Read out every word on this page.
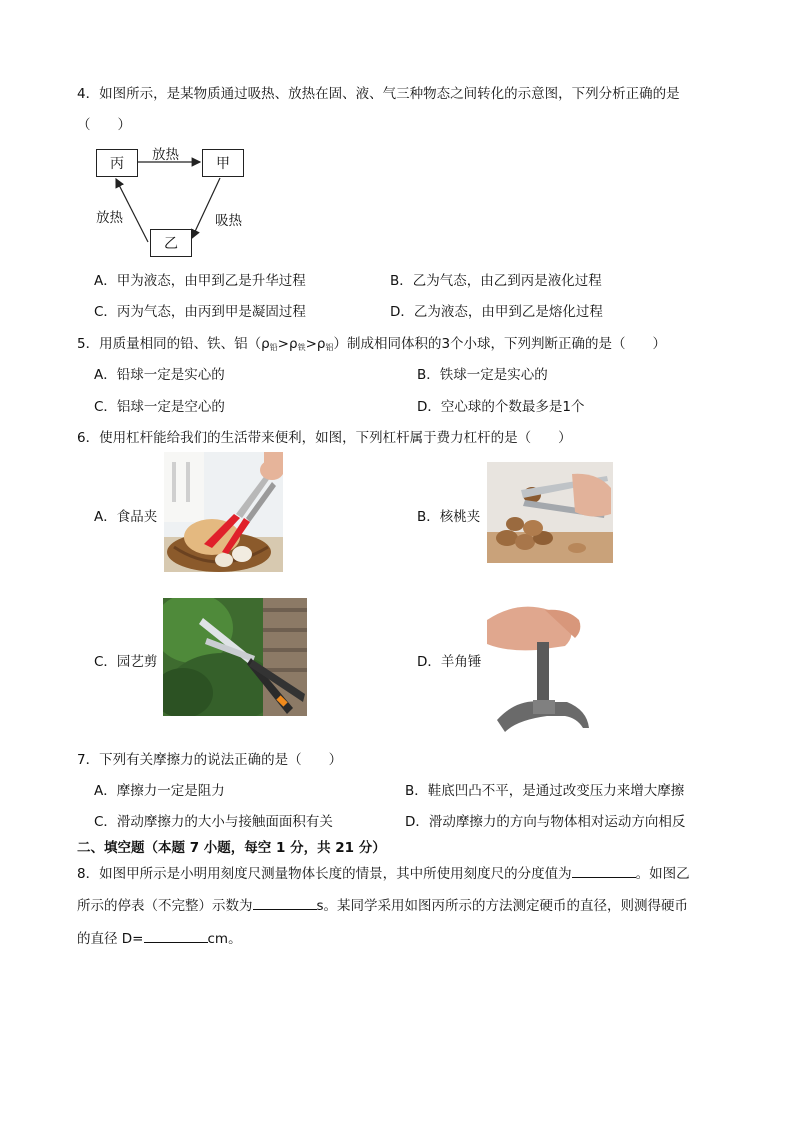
4．如图所示，是某物质通过吸热、放热在固、液、气三种物态之间转化的示意图，下列分析正确的是
（　　）
丙	甲
乙
放热
放热	吸热
A．甲为液态，由甲到乙是升华过程	B．乙为气态，由乙到丙是液化过程
C．丙为气态，由丙到甲是凝固过程	D．乙为液态，由甲到乙是熔化过程
5．用质量相同的铅、铁、铝$(\rho_铅>\rho_铁>\rho_铝)$制成相同体积的3个小球，下列判断正确的是（　　）
A．铅球一定是实心的	B．铁球一定是实心的
C．铝球一定是空心的	D．空心球的个数最多是1个
6．使用杠杆能给我们的生活带来便利，如图，下列杠杆属于费力杠杆的是（　　）
A．食品夹	B．核桃夹
C．园艺剪	D．羊角锤
7．下列有关摩擦力的说法正确的是（　　）
A．摩擦力一定是阻力	B．鞋底凹凸不平，是通过改变压力来增大摩擦
C．滑动摩擦力的大小与接触面面积有关	D．滑动摩擦力的方向与物体相对运动方向相反
二、填空题（本题 7 小题，每空 1 分，共 21 分）
8．如图甲所示是小明用刻度尺测量物体长度的情景，其中所使用刻度尺的分度值为	。如图乙
所示的停表（不完整）示数为	s。某同学采用如图丙所示的方法测定硬币的直径，则测得硬币
的直径 D=	cm。
